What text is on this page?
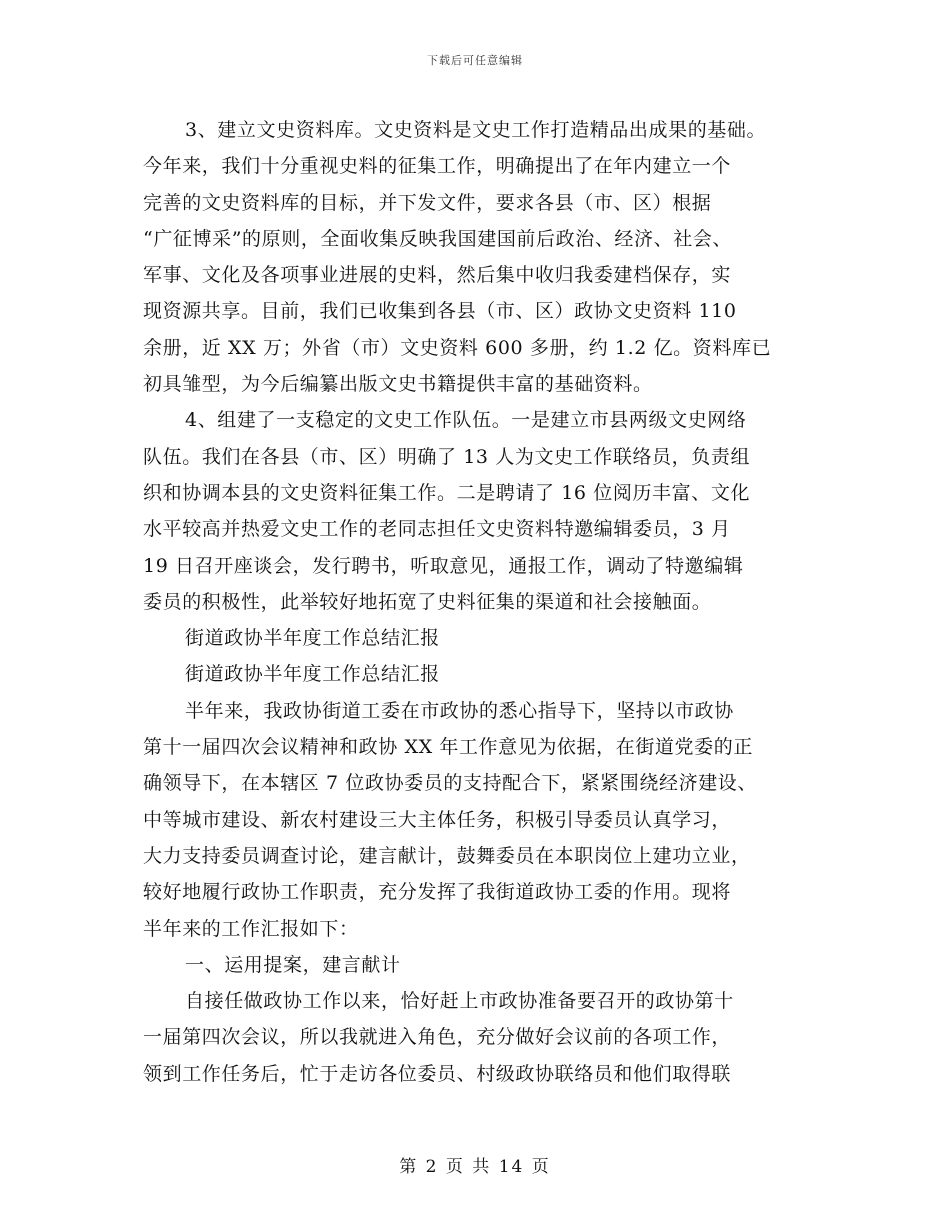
下载后可任意编辑
3、建立文史资料库。文史资料是文史工作打造精品出成果的基础。
今年来，我们十分重视史料的征集工作，明确提出了在年内建立一个
完善的文史资料库的目标，并下发文件，要求各县（市、区）根据
“广征博采”的原则，全面收集反映我国建国前后政治、经济、社会、
军事、文化及各项事业进展的史料，然后集中收归我委建档保存，实
现资源共享。目前，我们已收集到各县（市、区）政协文史资料 110
余册，近 XX 万；外省（市）文史资料 600 多册，约 1.2 亿。资料库已
初具雏型，为今后编纂出版文史书籍提供丰富的基础资料。
4、组建了一支稳定的文史工作队伍。一是建立市县两级文史网络
队伍。我们在各县（市、区）明确了 13 人为文史工作联络员，负责组
织和协调本县的文史资料征集工作。二是聘请了 16 位阅历丰富、文化
水平较高并热爱文史工作的老同志担任文史资料特邀编辑委员，3 月
19 日召开座谈会，发行聘书，听取意见，通报工作，调动了特邀编辑
委员的积极性，此举较好地拓宽了史料征集的渠道和社会接触面。
街道政协半年度工作总结汇报
街道政协半年度工作总结汇报
半年来，我政协街道工委在市政协的悉心指导下，坚持以市政协
第十一届四次会议精神和政协 XX 年工作意见为依据，在街道党委的正
确领导下，在本辖区 7 位政协委员的支持配合下，紧紧围绕经济建设、
中等城市建设、新农村建设三大主体任务，积极引导委员认真学习，
大力支持委员调查讨论，建言献计，鼓舞委员在本职岗位上建功立业，
较好地履行政协工作职责，充分发挥了我街道政协工委的作用。现将
半年来的工作汇报如下：
一、运用提案，建言献计
自接任做政协工作以来，恰好赶上市政协准备要召开的政协第十
一届第四次会议，所以我就进入角色，充分做好会议前的各项工作，
领到工作任务后，忙于走访各位委员、村级政协联络员和他们取得联
第 2 页 共 14 页
